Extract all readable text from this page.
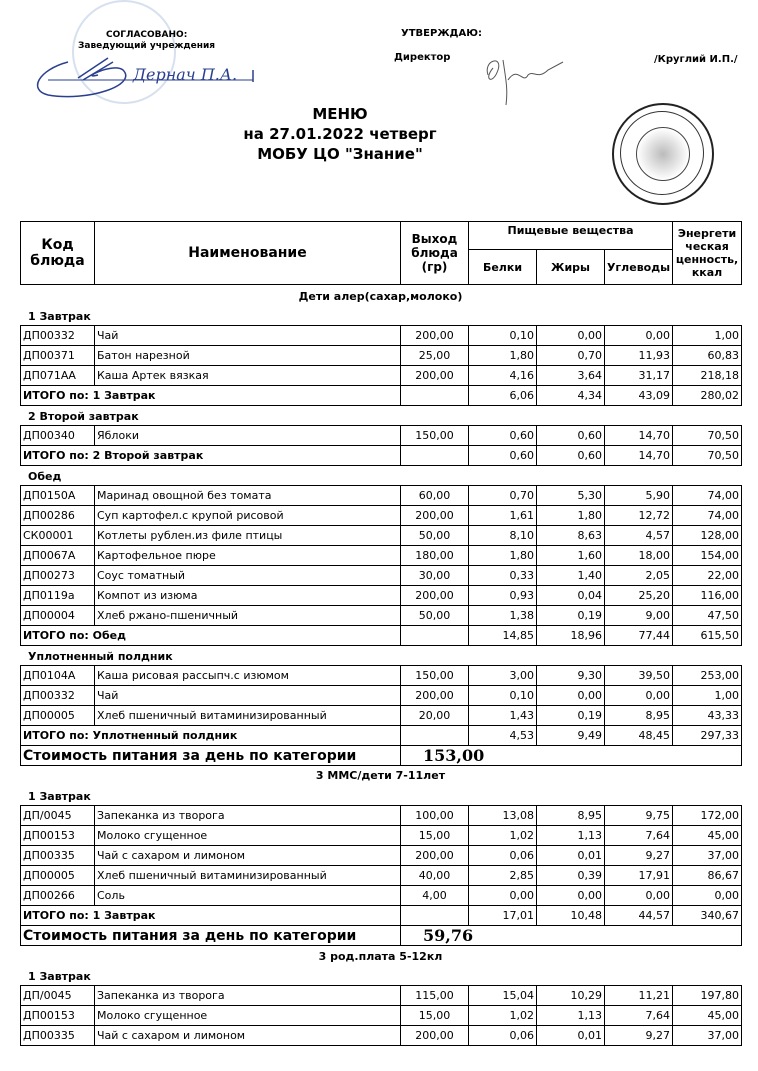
СОГЛАСОВАНО:
Заведующий учреждения
Дернач П.А.
УТВЕРЖДАЮ:
Директор	/Круглий И.П./
МЕНЮ
на 27.01.2022 четверг
МОБУ ЦО "Знание"
Код блюда	Наименование	Выход блюда (гр)	Пищевые вещества			Энергети ческая ценность, ккал
			Белки	Жиры	Углеводы	
Дети алер(сахар,молоко)
1 Завтрак
ДП00332	Чай	200,00	0,10	0,00	0,00	1,00
ДП00371	Батон нарезной	25,00	1,80	0,70	11,93	60,83
ДП071АА	Каша Артек вязкая	200,00	4,16	3,64	31,17	218,18
ИТОГО по: 1 Завтрак			6,06	4,34	43,09	280,02
2 Второй завтрак
ДП00340	Яблоки	150,00	0,60	0,60	14,70	70,50
ИТОГО по: 2 Второй завтрак			0,60	0,60	14,70	70,50
Обед
ДП0150А	Маринад овощной без томата	60,00	0,70	5,30	5,90	74,00
ДП00286	Суп картофел.с крупой рисовой	200,00	1,61	1,80	12,72	74,00
СК00001	Котлеты рублен.из филе птицы	50,00	8,10	8,63	4,57	128,00
ДП0067А	Картофельное пюре	180,00	1,80	1,60	18,00	154,00
ДП00273	Соус томатный	30,00	0,33	1,40	2,05	22,00
ДП0119а	Компот из изюма	200,00	0,93	0,04	25,20	116,00
ДП00004	Хлеб ржано-пшеничный	50,00	1,38	0,19	9,00	47,50
ИТОГО по: Обед			14,85	18,96	77,44	615,50
Уплотненный полдник
ДП0104А	Каша рисовая рассыпч.с изюмом	150,00	3,00	9,30	39,50	253,00
ДП00332	Чай	200,00	0,10	0,00	0,00	1,00
ДП00005	Хлеб пшеничный витаминизированный	20,00	1,43	0,19	8,95	43,33
ИТОГО по: Уплотненный полдник			4,53	9,49	48,45	297,33
Стоимость питания за день по категории		153,00				
3 ММС/дети 7-11лет
1 Завтрак
ДП/0045	Запеканка из творога	100,00	13,08	8,95	9,75	172,00
ДП00153	Молоко сгущенное	15,00	1,02	1,13	7,64	45,00
ДП00335	Чай с сахаром и лимоном	200,00	0,06	0,01	9,27	37,00
ДП00005	Хлеб пшеничный витаминизированный	40,00	2,85	0,39	17,91	86,67
ДП00266	Соль	4,00	0,00	0,00	0,00	0,00
ИТОГО по: 1 Завтрак			17,01	10,48	44,57	340,67
Стоимость питания за день по категории		59,76				
3 род.плата 5-12кл
1 Завтрак
ДП/0045	Запеканка из творога	115,00	15,04	10,29	11,21	197,80
ДП00153	Молоко сгущенное	15,00	1,02	1,13	7,64	45,00
ДП00335	Чай с сахаром и лимоном	200,00	0,06	0,01	9,27	37,00
